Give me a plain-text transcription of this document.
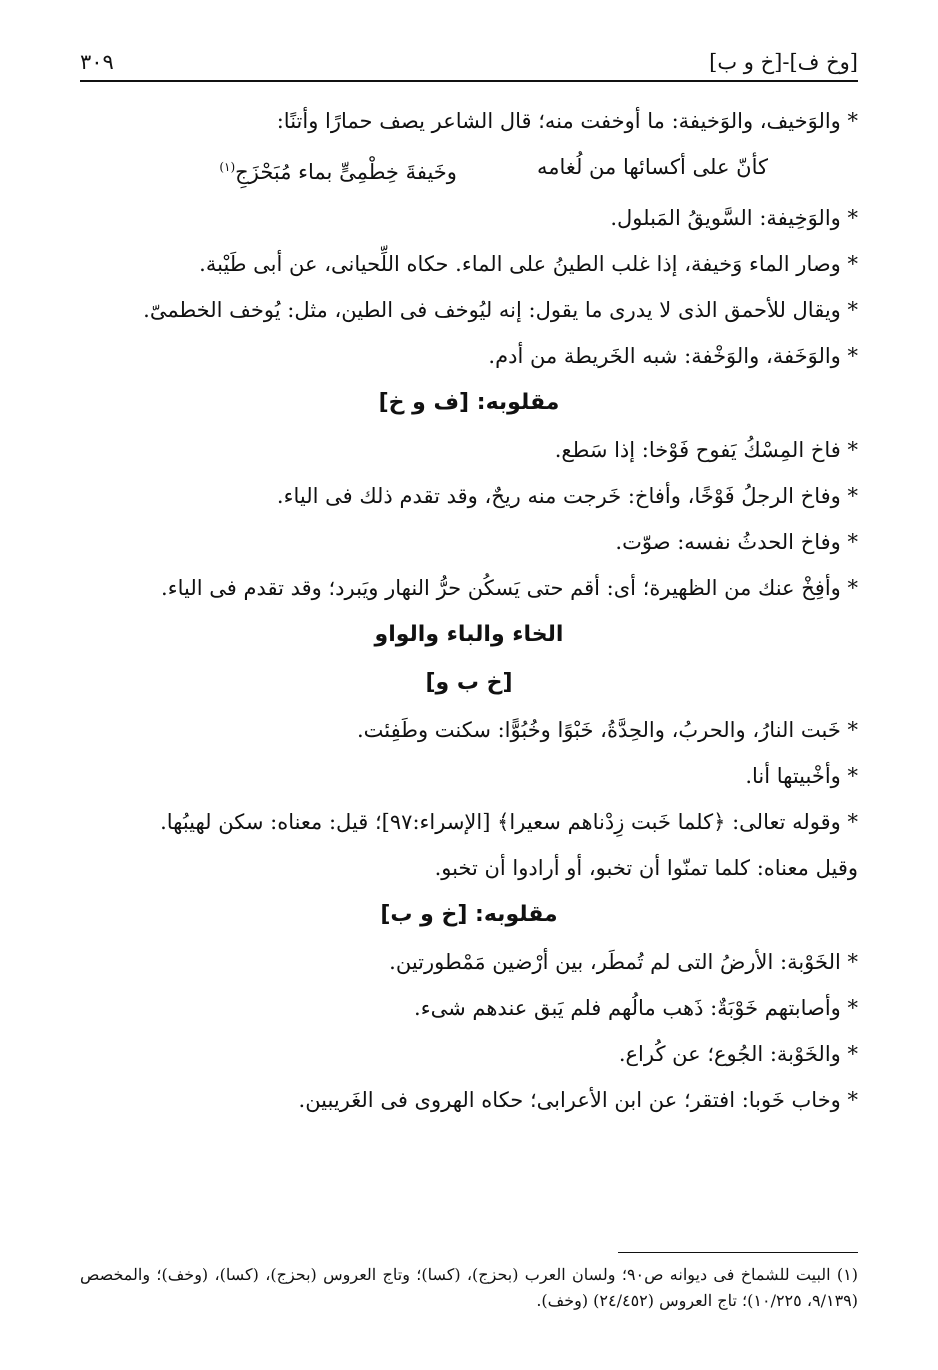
[وخ ف]-[خ و ب]
٣٠٩

* والوَخيف، والوَخيفة: ما أوخفت منه؛ قال الشاعر يصف حمارًا وأتنًا:

كأنّ على أكسائها من لُغامه
وخَيفةَ خِطْمِىٍّ بماء مُبَحْزَجِ$^{(١)}$

* والوَخِيفة: السَّويقُ المَبلول.

* وصار الماء وَخيفة، إذا غلب الطينُ على الماء. حكاه اللِّحيانى، عن أبى طَيْبة.

* ويقال للأحمق الذى لا يدرى ما يقول: إنه ليُوخف فى الطين، مثل: يُوخف الخطمىّ.

* والوَخَفة، والوَخْفة: شبه الخَريطة من أدم.

مقلوبه: [ف و خ]

* فاخ المِسْكُ يَفوح فَوْخا: إذا سَطع.

* وفاخ الرجلُ فَوْخًا، وأفاخ: خَرجت منه ريحٌ، وقد تقدم ذلك فى الياء.

* وفاخ الحدثُ نفسه: صوّت.

* وأفِخْ عنك من الظهيرة؛ أى: أقم حتى يَسكُن حرُّ النهار ويَبرد؛ وقد تقدم فى الياء.

الخاء والباء والواو
[خ ب و]

* خَبت النارُ، والحربُ، والحِدَّةُ، خَبْوًا وخُبُوًّا: سكنت وطَفِئت.

* وأخْبيتها أنا.

* وقوله تعالى: ﴿كلما خَبت زِدْناهم سعيرا﴾ [الإسراء:٩٧]؛ قيل: معناه: سكن لهيبُها.

وقيل معناه: كلما تمنّوا أن تخبو، أو أرادوا أن تخبو.

مقلوبه: [خ و ب]

* الخَوْبة: الأرضُ التى لم تُمطَر، بين أرْضين مَمْطورتين.

* وأصابتهم خَوْبَةٌ: ذَهب مالُهم فلم يَبق عندهم شىء.

* والخَوْبة: الجُوع؛ عن كُراع.

* وخاب خَوبا: افتقر؛ عن ابن الأعرابى؛ حكاه الهروى فى الغَريبين.

(١) البيت للشماخ فى ديوانه ص٩٠؛ ولسان العرب (بحزج)، (كسا)؛ وتاج العروس (بحزج)، (كسا)، (وخف)؛ والمخصص (٩/١٣٩، ١٠/٢٢٥)؛ تاج العروس (٢٤/٤٥٢) (وخف).
